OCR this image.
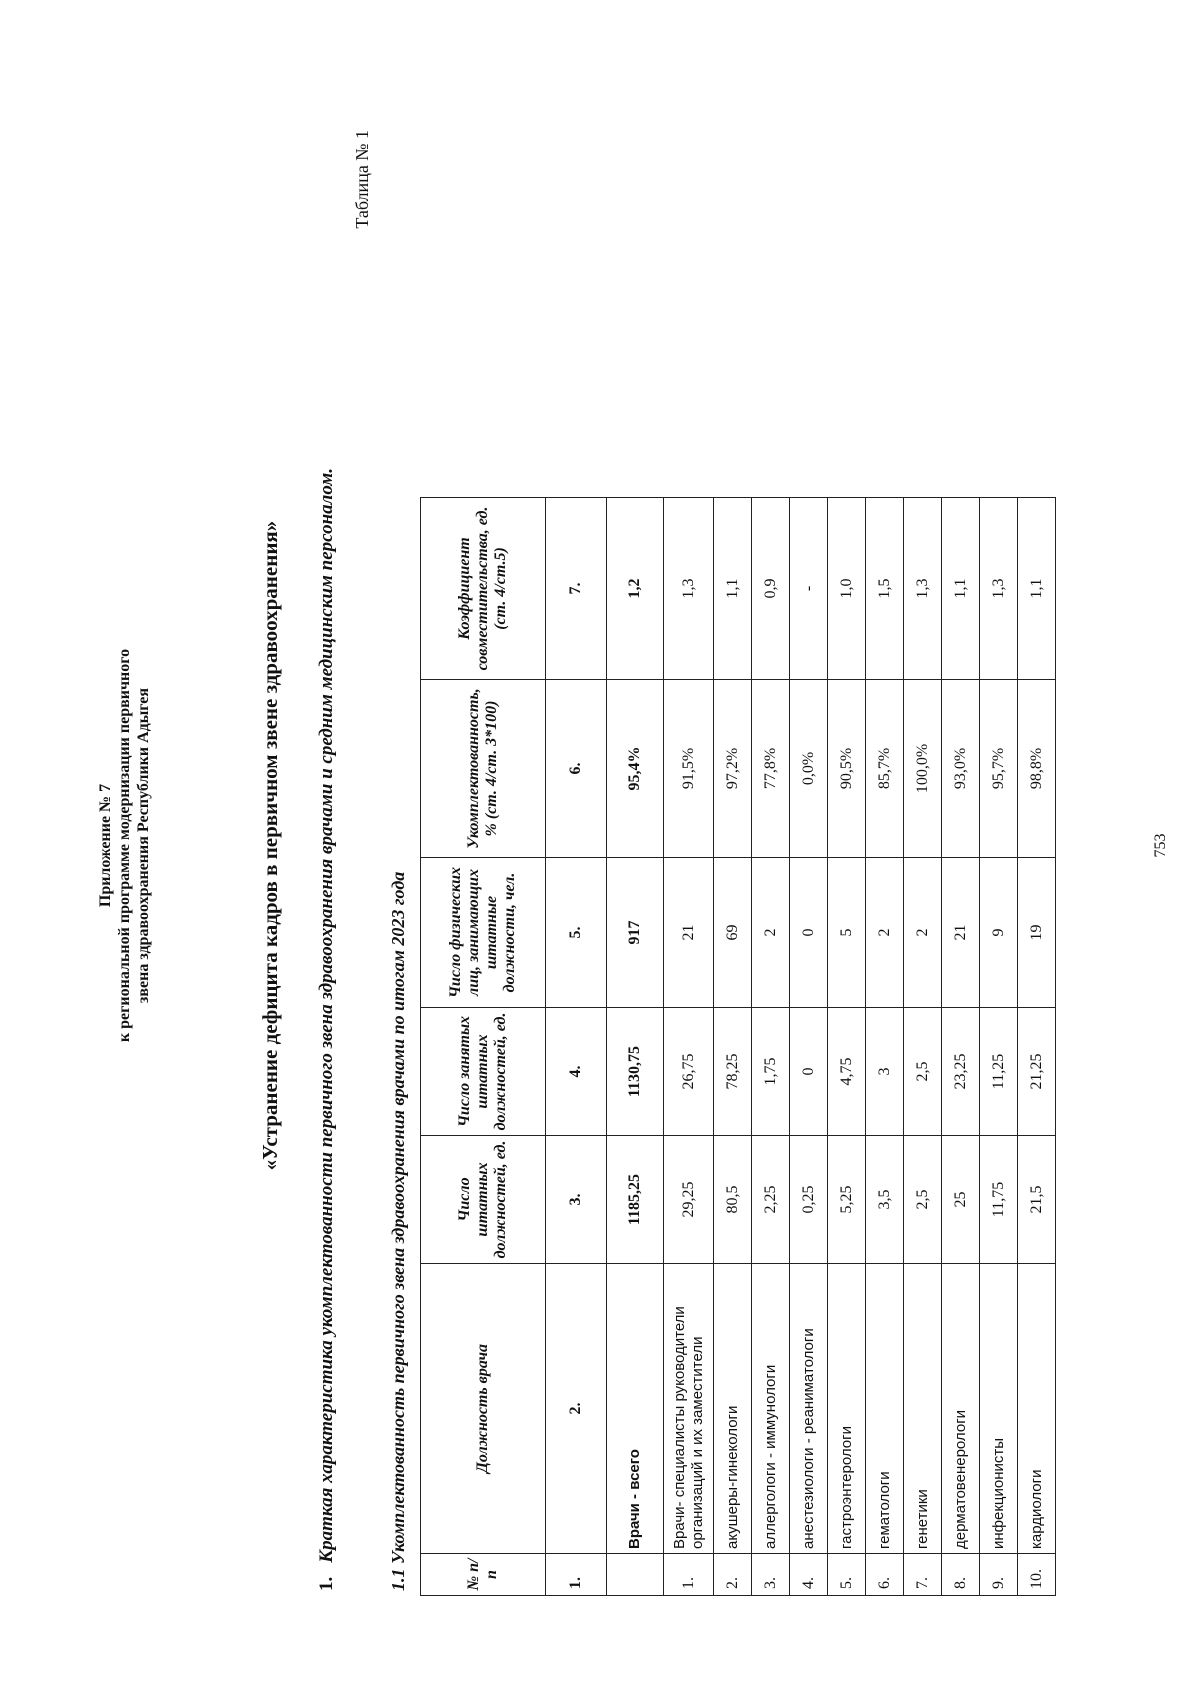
Приложение № 7 к региональной программе модернизации первичного звена здравоохранения Республики Адыгея	«Устранение дефицита кадров в первичном звене здравоохранения»
1.Краткая характеристика укомплектованности первичного звена здравоохранения врачами и средним медицинским персоналом.
Таблица № 1
1.1 Укомплектованность первичного звена здравоохранения врачами по итогам 2023 года	№ п/п	Должность врача	Число штатных должностей, ед.	Число занятых штатных должностей, ед.	Число физических лиц, занимающих штатные должности, чел.	Укомплектованность, % (ст. 4/ст. 3*100)	Коэффициент совместительства, ед. (ст. 4/ст.5)
1.	2.	3.	4.	5.	6.	7.
	Врачи - всего	1185,25	1130,75	917	95,4%	1,2
1.	Врачи- специалисты руководители организаций и их заместители	29,25	26,75	21	91,5%	1,3
2.	акушеры-гинекологи	80,5	78,25	69	97,2%	1,1
3.	аллергологи - иммунологи	2,25	1,75	2	77,8%	0,9
4.	анестезиологи - реаниматологи	0,25	0	0	0,0%	-
5.	гастроэнтерологи	5,25	4,75	5	90,5%	1,0
6.	гематологи	3,5	3	2	85,7%	1,5
7.	генетики	2,5	2,5	2	100,0%	1,3
8.	дерматовенерологи	25	23,25	21	93,0%	1,1
9.	инфекционисты	11,75	11,25	9	95,7%	1,3
10.	кардиологи	21,5	21,25	19	98,8%	1,1
753
